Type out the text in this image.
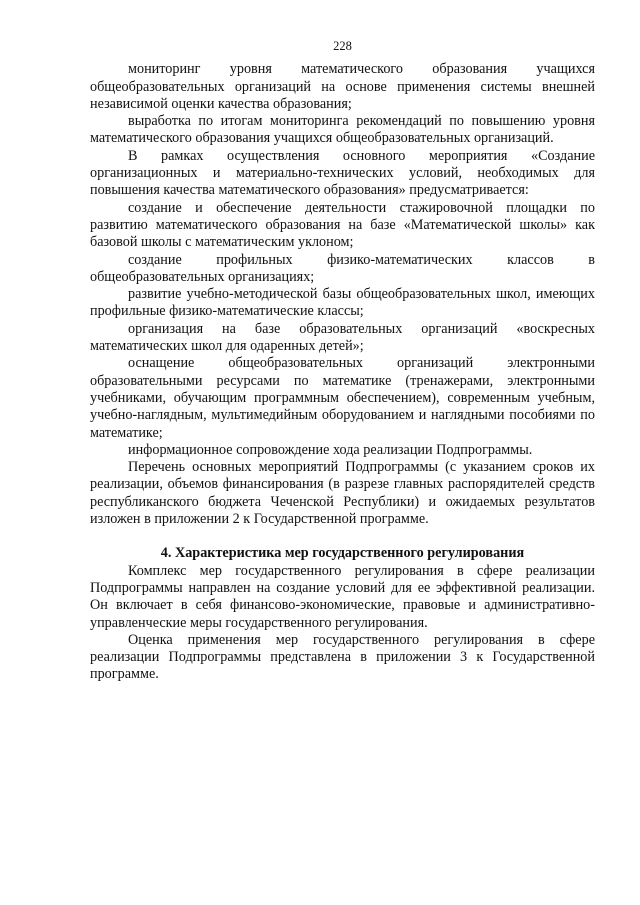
228

мониторинг уровня математического образования учащихся общеобразовательных организаций на основе применения системы внешней независимой оценки качества образования;

выработка по итогам мониторинга рекомендаций по повышению уровня математического образования учащихся общеобразовательных организаций.

В рамках осуществления основного мероприятия «Создание организационных и материально-технических условий, необходимых для повышения качества математического образования» предусматривается:

создание и обеспечение деятельности стажировочной площадки по развитию математического образования на базе «Математической школы» как базовой школы с математическим уклоном;

создание профильных физико-математических классов в общеобразовательных организациях;

развитие учебно-методической базы общеобразовательных школ, имеющих профильные физико-математические классы;

организация на базе образовательных организаций «воскресных математических школ для одаренных детей»;

оснащение общеобразовательных организаций электронными образовательными ресурсами по математике (тренажерами, электронными учебниками, обучающим программным обеспечением), современным учебным, учебно-наглядным, мультимедийным оборудованием и наглядными пособиями по математике;

информационное сопровождение хода реализации Подпрограммы.

Перечень основных мероприятий Подпрограммы (с указанием сроков их реализации, объемов финансирования (в разрезе главных распорядителей средств республиканского бюджета Чеченской Республики) и ожидаемых результатов изложен в приложении 2 к Государственной программе.

4. Характеристика мер государственного регулирования

Комплекс мер государственного регулирования в сфере реализации Подпрограммы направлен на создание условий для ее эффективной реализации. Он включает в себя финансово-экономические, правовые и административно-управленческие меры государственного регулирования.

Оценка применения мер государственного регулирования в сфере реализации Подпрограммы представлена в приложении 3 к Государственной программе.
